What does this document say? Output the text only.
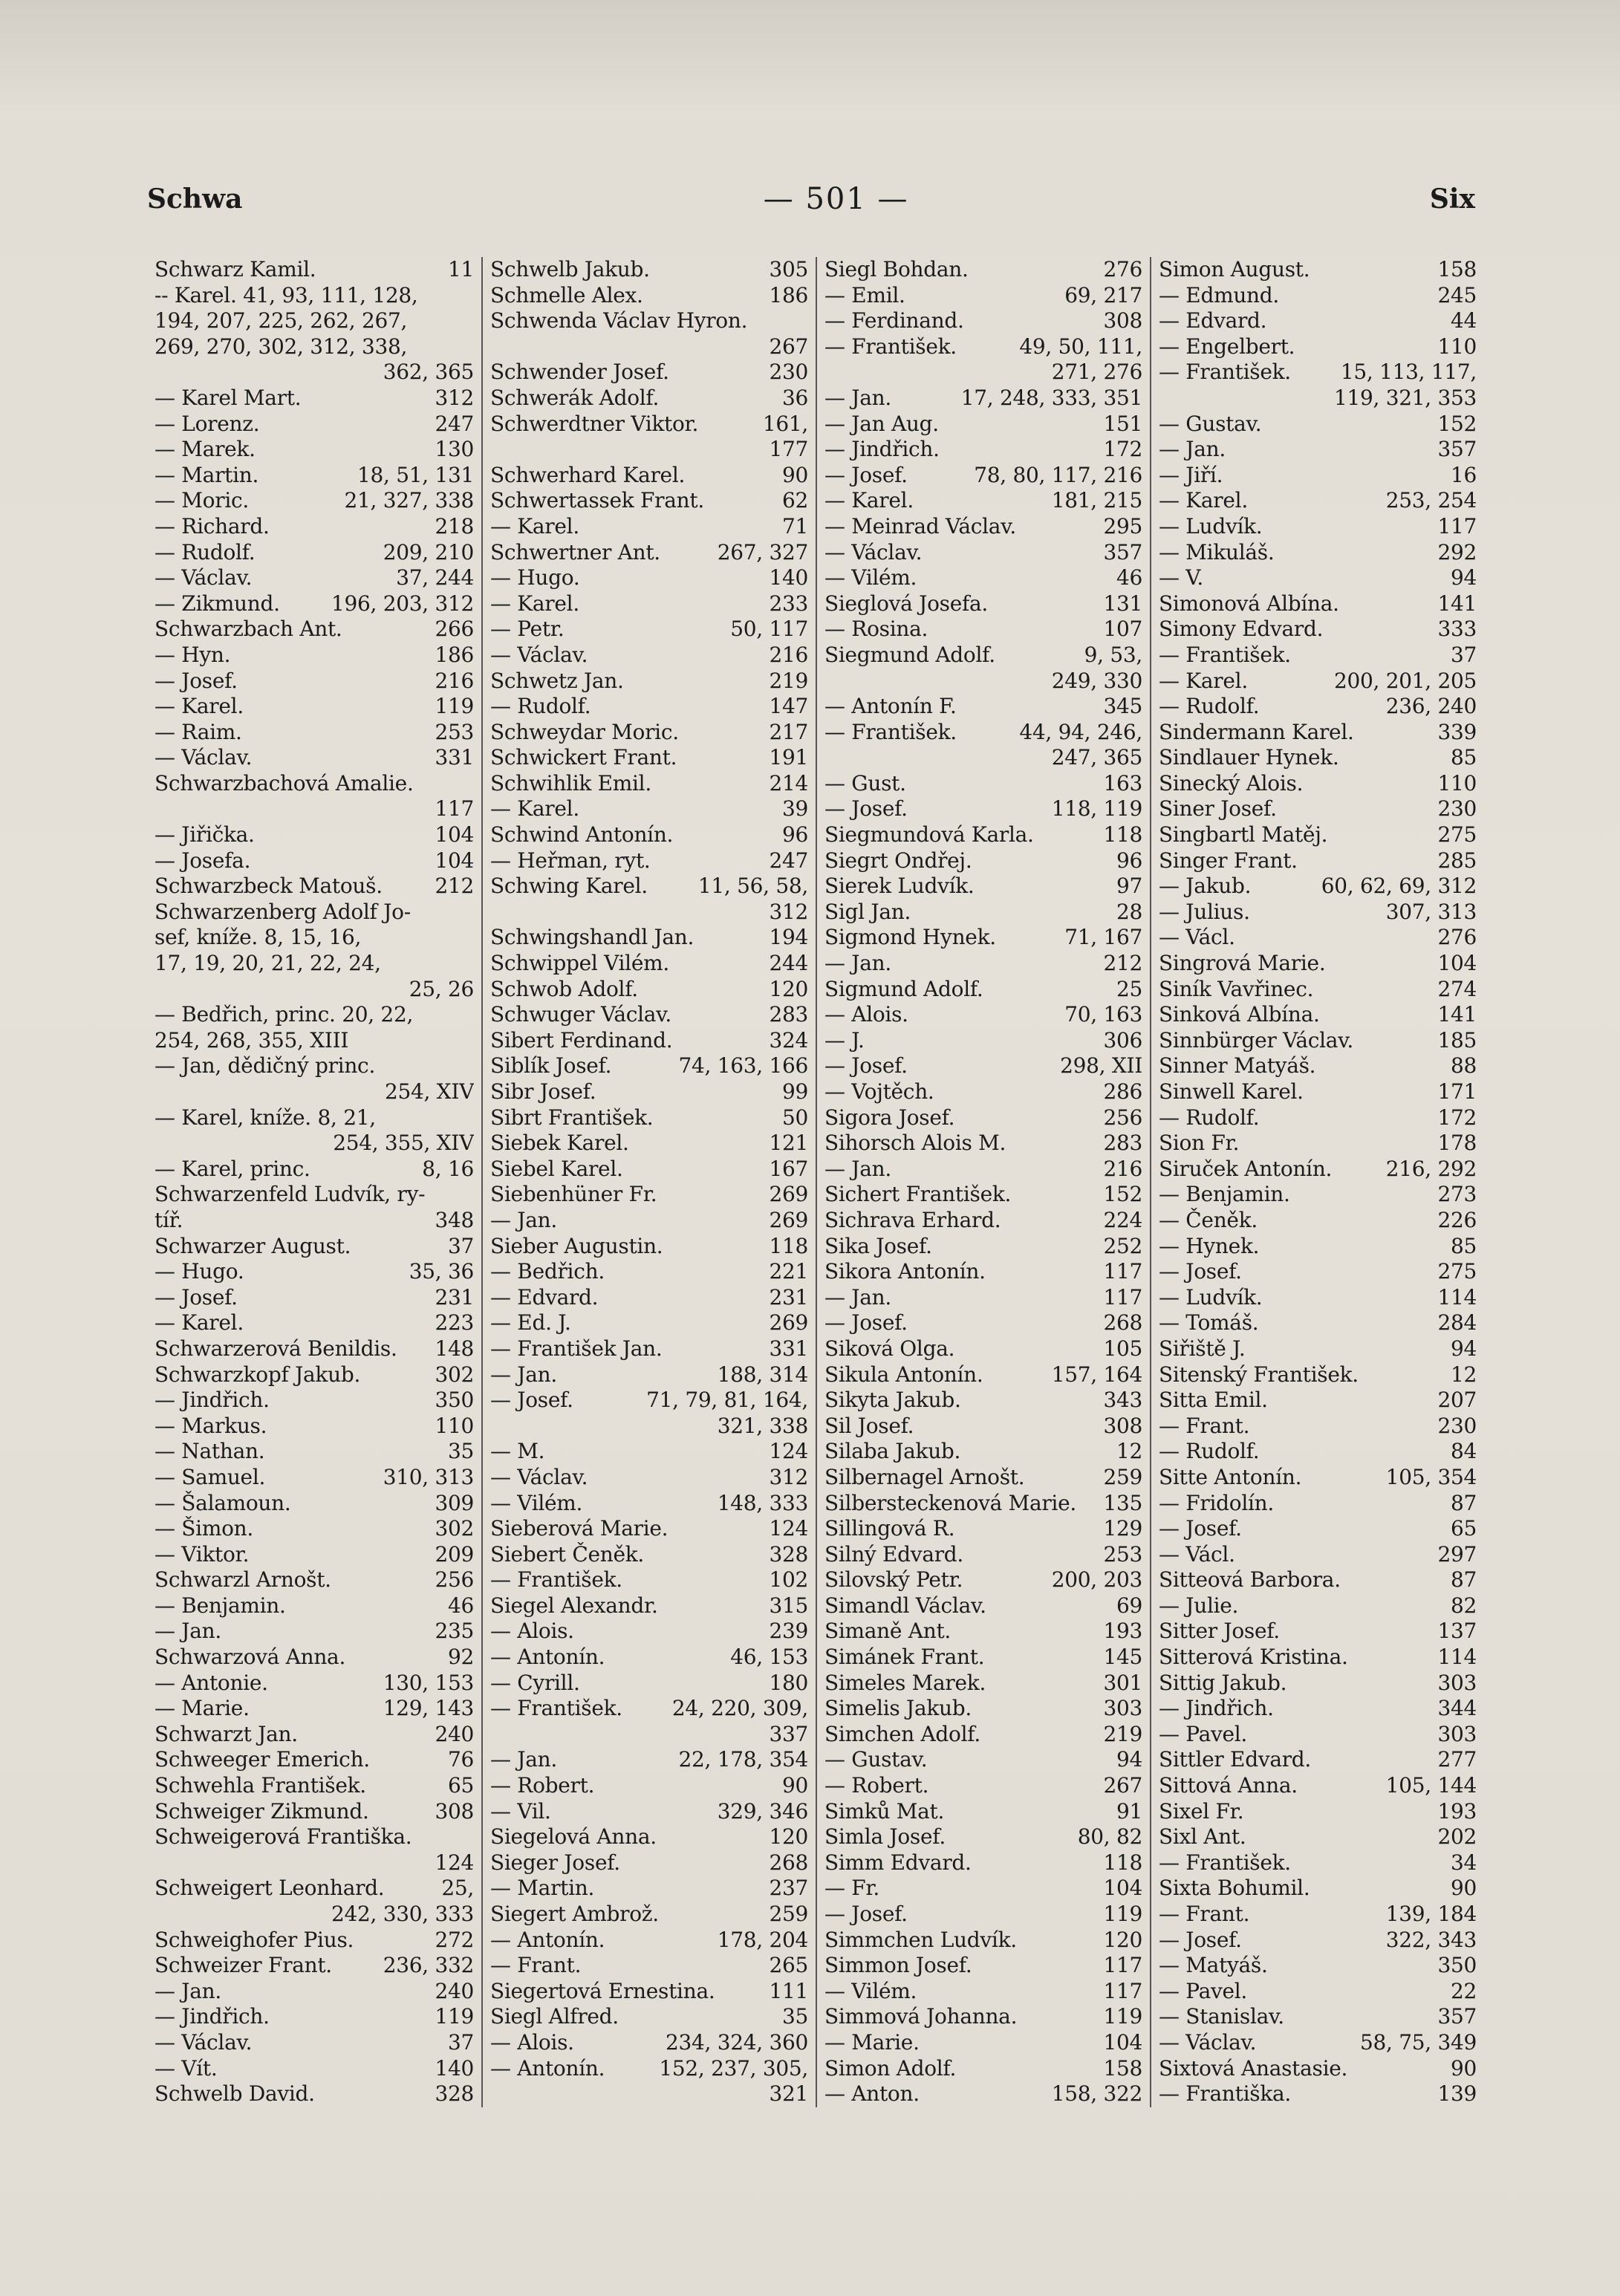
Schwa	— 501 —	Six
Schwarz Kamil.	11
-- Karel. 41, 93, 111, 128,
194, 207, 225, 262, 267,
269, 270, 302, 312, 338,
362, 365
— Karel Mart.	312
— Lorenz.	247
— Marek.	130
— Martin.	18, 51, 131
— Moric.	21, 327, 338
— Richard.	218
— Rudolf.	209, 210
— Václav.	37, 244
— Zikmund.	196, 203, 312
Schwarzbach Ant.	266
— Hyn.	186
— Josef.	216
— Karel.	119
— Raim.	253
— Václav.	331
Schwarzbachová Amalie.
117
— Jiřička.	104
— Josefa.	104
Schwarzbeck Matouš.	212
Schwarzenberg Adolf Jo-
sef, kníže. 8, 15, 16,
17, 19, 20, 21, 22, 24,
25, 26
— Bedřich, princ. 20, 22,
254, 268, 355, XIII
— Jan, dědičný princ.
254, XIV
— Karel, kníže. 8, 21,
254, 355, XIV
— Karel, princ.	8, 16
Schwarzenfeld Ludvík, ry-
tíř.	348
Schwarzer August.	37
— Hugo.	35, 36
— Josef.	231
— Karel.	223
Schwarzerová Benildis.	148
Schwarzkopf Jakub.	302
— Jindřich.	350
— Markus.	110
— Nathan.	35
— Samuel.	310, 313
— Šalamoun.	309
— Šimon.	302
— Viktor.	209
Schwarzl Arnošt.	256
— Benjamin.	46
— Jan.	235
Schwarzová Anna.	92
— Antonie.	130, 153
— Marie.	129, 143
Schwarzt Jan.	240
Schweeger Emerich.	76
Schwehla František.	65
Schweiger Zikmund.	308
Schweigerová Františka.
124
Schweigert Leonhard.	25,
242, 330, 333
Schweighofer Pius.	272
Schweizer Frant.	236, 332
— Jan.	240
— Jindřich.	119
— Václav.	37
— Vít.	140
Schwelb David.	328
Schwelb Jakub.	305
Schmelle Alex.	186
Schwenda Václav Hyron.
267
Schwender Josef.	230
Schwerák Adolf.	36
Schwerdtner Viktor.	161,
177
Schwerhard Karel.	90
Schwertassek Frant.	62
— Karel.	71
Schwertner Ant.	267, 327
— Hugo.	140
— Karel.	233
— Petr.	50, 117
— Václav.	216
Schwetz Jan.	219
— Rudolf.	147
Schweydar Moric.	217
Schwickert Frant.	191
Schwihlik Emil.	214
— Karel.	39
Schwind Antonín.	96
— Heřman, ryt.	247
Schwing Karel.	11, 56, 58,
312
Schwingshandl Jan.	194
Schwippel Vilém.	244
Schwob Adolf.	120
Schwuger Václav.	283
Sibert Ferdinand.	324
Siblík Josef.	74, 163, 166
Sibr Josef.	99
Sibrt František.	50
Siebek Karel.	121
Siebel Karel.	167
Siebenhüner Fr.	269
— Jan.	269
Sieber Augustin.	118
— Bedřich.	221
— Edvard.	231
— Ed. J.	269
— František Jan.	331
— Jan.	188, 314
— Josef.	71, 79, 81, 164,
321, 338
— M.	124
— Václav.	312
— Vilém.	148, 333
Sieberová Marie.	124
Siebert Čeněk.	328
— František.	102
Siegel Alexandr.	315
— Alois.	239
— Antonín.	46, 153
— Cyrill.	180
— František.	24, 220, 309,
337
— Jan.	22, 178, 354
— Robert.	90
— Vil.	329, 346
Siegelová Anna.	120
Sieger Josef.	268
— Martin.	237
Siegert Ambrož.	259
— Antonín.	178, 204
— Frant.	265
Siegertová Ernestina.	111
Siegl Alfred.	35
— Alois.	234, 324, 360
— Antonín.	152, 237, 305,
321
Siegl Bohdan.	276
— Emil.	69, 217
— Ferdinand.	308
— František.	49, 50, 111,
271, 276
— Jan.	17, 248, 333, 351
— Jan Aug.	151
— Jindřich.	172
— Josef.	78, 80, 117, 216
— Karel.	181, 215
— Meinrad Václav.	295
— Václav.	357
— Vilém.	46
Sieglová Josefa.	131
— Rosina.	107
Siegmund Adolf.	9, 53,
249, 330
— Antonín F.	345
— František.	44, 94, 246,
247, 365
— Gust.	163
— Josef.	118, 119
Siegmundová Karla.	118
Siegrt Ondřej.	96
Sierek Ludvík.	97
Sigl Jan.	28
Sigmond Hynek.	71, 167
— Jan.	212
Sigmund Adolf.	25
— Alois.	70, 163
— J.	306
— Josef.	298, XII
— Vojtěch.	286
Sigora Josef.	256
Sihorsch Alois M.	283
— Jan.	216
Sichert František.	152
Sichrava Erhard.	224
Sika Josef.	252
Sikora Antonín.	117
— Jan.	117
— Josef.	268
Siková Olga.	105
Sikula Antonín.	157, 164
Sikyta Jakub.	343
Sil Josef.	308
Silaba Jakub.	12
Silbernagel Arnošt.	259
Silbersteckenová Marie.	135
Sillingová R.	129
Silný Edvard.	253
Silovský Petr.	200, 203
Simandl Václav.	69
Simaně Ant.	193
Simánek Frant.	145
Simeles Marek.	301
Simelis Jakub.	303
Simchen Adolf.	219
— Gustav.	94
— Robert.	267
Simků Mat.	91
Simla Josef.	80, 82
Simm Edvard.	118
— Fr.	104
— Josef.	119
Simmchen Ludvík.	120
Simmon Josef.	117
— Vilém.	117
Simmová Johanna.	119
— Marie.	104
Simon Adolf.	158
— Anton.	158, 322
Simon August.	158
— Edmund.	245
— Edvard.	44
— Engelbert.	110
— František.	15, 113, 117,
119, 321, 353
— Gustav.	152
— Jan.	357
— Jiří.	16
— Karel.	253, 254
— Ludvík.	117
— Mikuláš.	292
— V.	94
Simonová Albína.	141
Simony Edvard.	333
— František.	37
— Karel.	200, 201, 205
— Rudolf.	236, 240
Sindermann Karel.	339
Sindlauer Hynek.	85
Sinecký Alois.	110
Siner Josef.	230
Singbartl Matěj.	275
Singer Frant.	285
— Jakub.	60, 62, 69, 312
— Julius.	307, 313
— Václ.	276
Singrová Marie.	104
Siník Vavřinec.	274
Sinková Albína.	141
Sinnbürger Václav.	185
Sinner Matyáš.	88
Sinwell Karel.	171
— Rudolf.	172
Sion Fr.	178
Siruček Antonín.	216, 292
— Benjamin.	273
— Čeněk.	226
— Hynek.	85
— Josef.	275
— Ludvík.	114
— Tomáš.	284
Siřiště J.	94
Sitenský František.	12
Sitta Emil.	207
— Frant.	230
— Rudolf.	84
Sitte Antonín.	105, 354
— Fridolín.	87
— Josef.	65
— Václ.	297
Sitteová Barbora.	87
— Julie.	82
Sitter Josef.	137
Sitterová Kristina.	114
Sittig Jakub.	303
— Jindřich.	344
— Pavel.	303
Sittler Edvard.	277
Sittová Anna.	105, 144
Sixel Fr.	193
Sixl Ant.	202
— František.	34
Sixta Bohumil.	90
— Frant.	139, 184
— Josef.	322, 343
— Matyáš.	350
— Pavel.	22
— Stanislav.	357
— Václav.	58, 75, 349
Sixtová Anastasie.	90
— Františka.	139
